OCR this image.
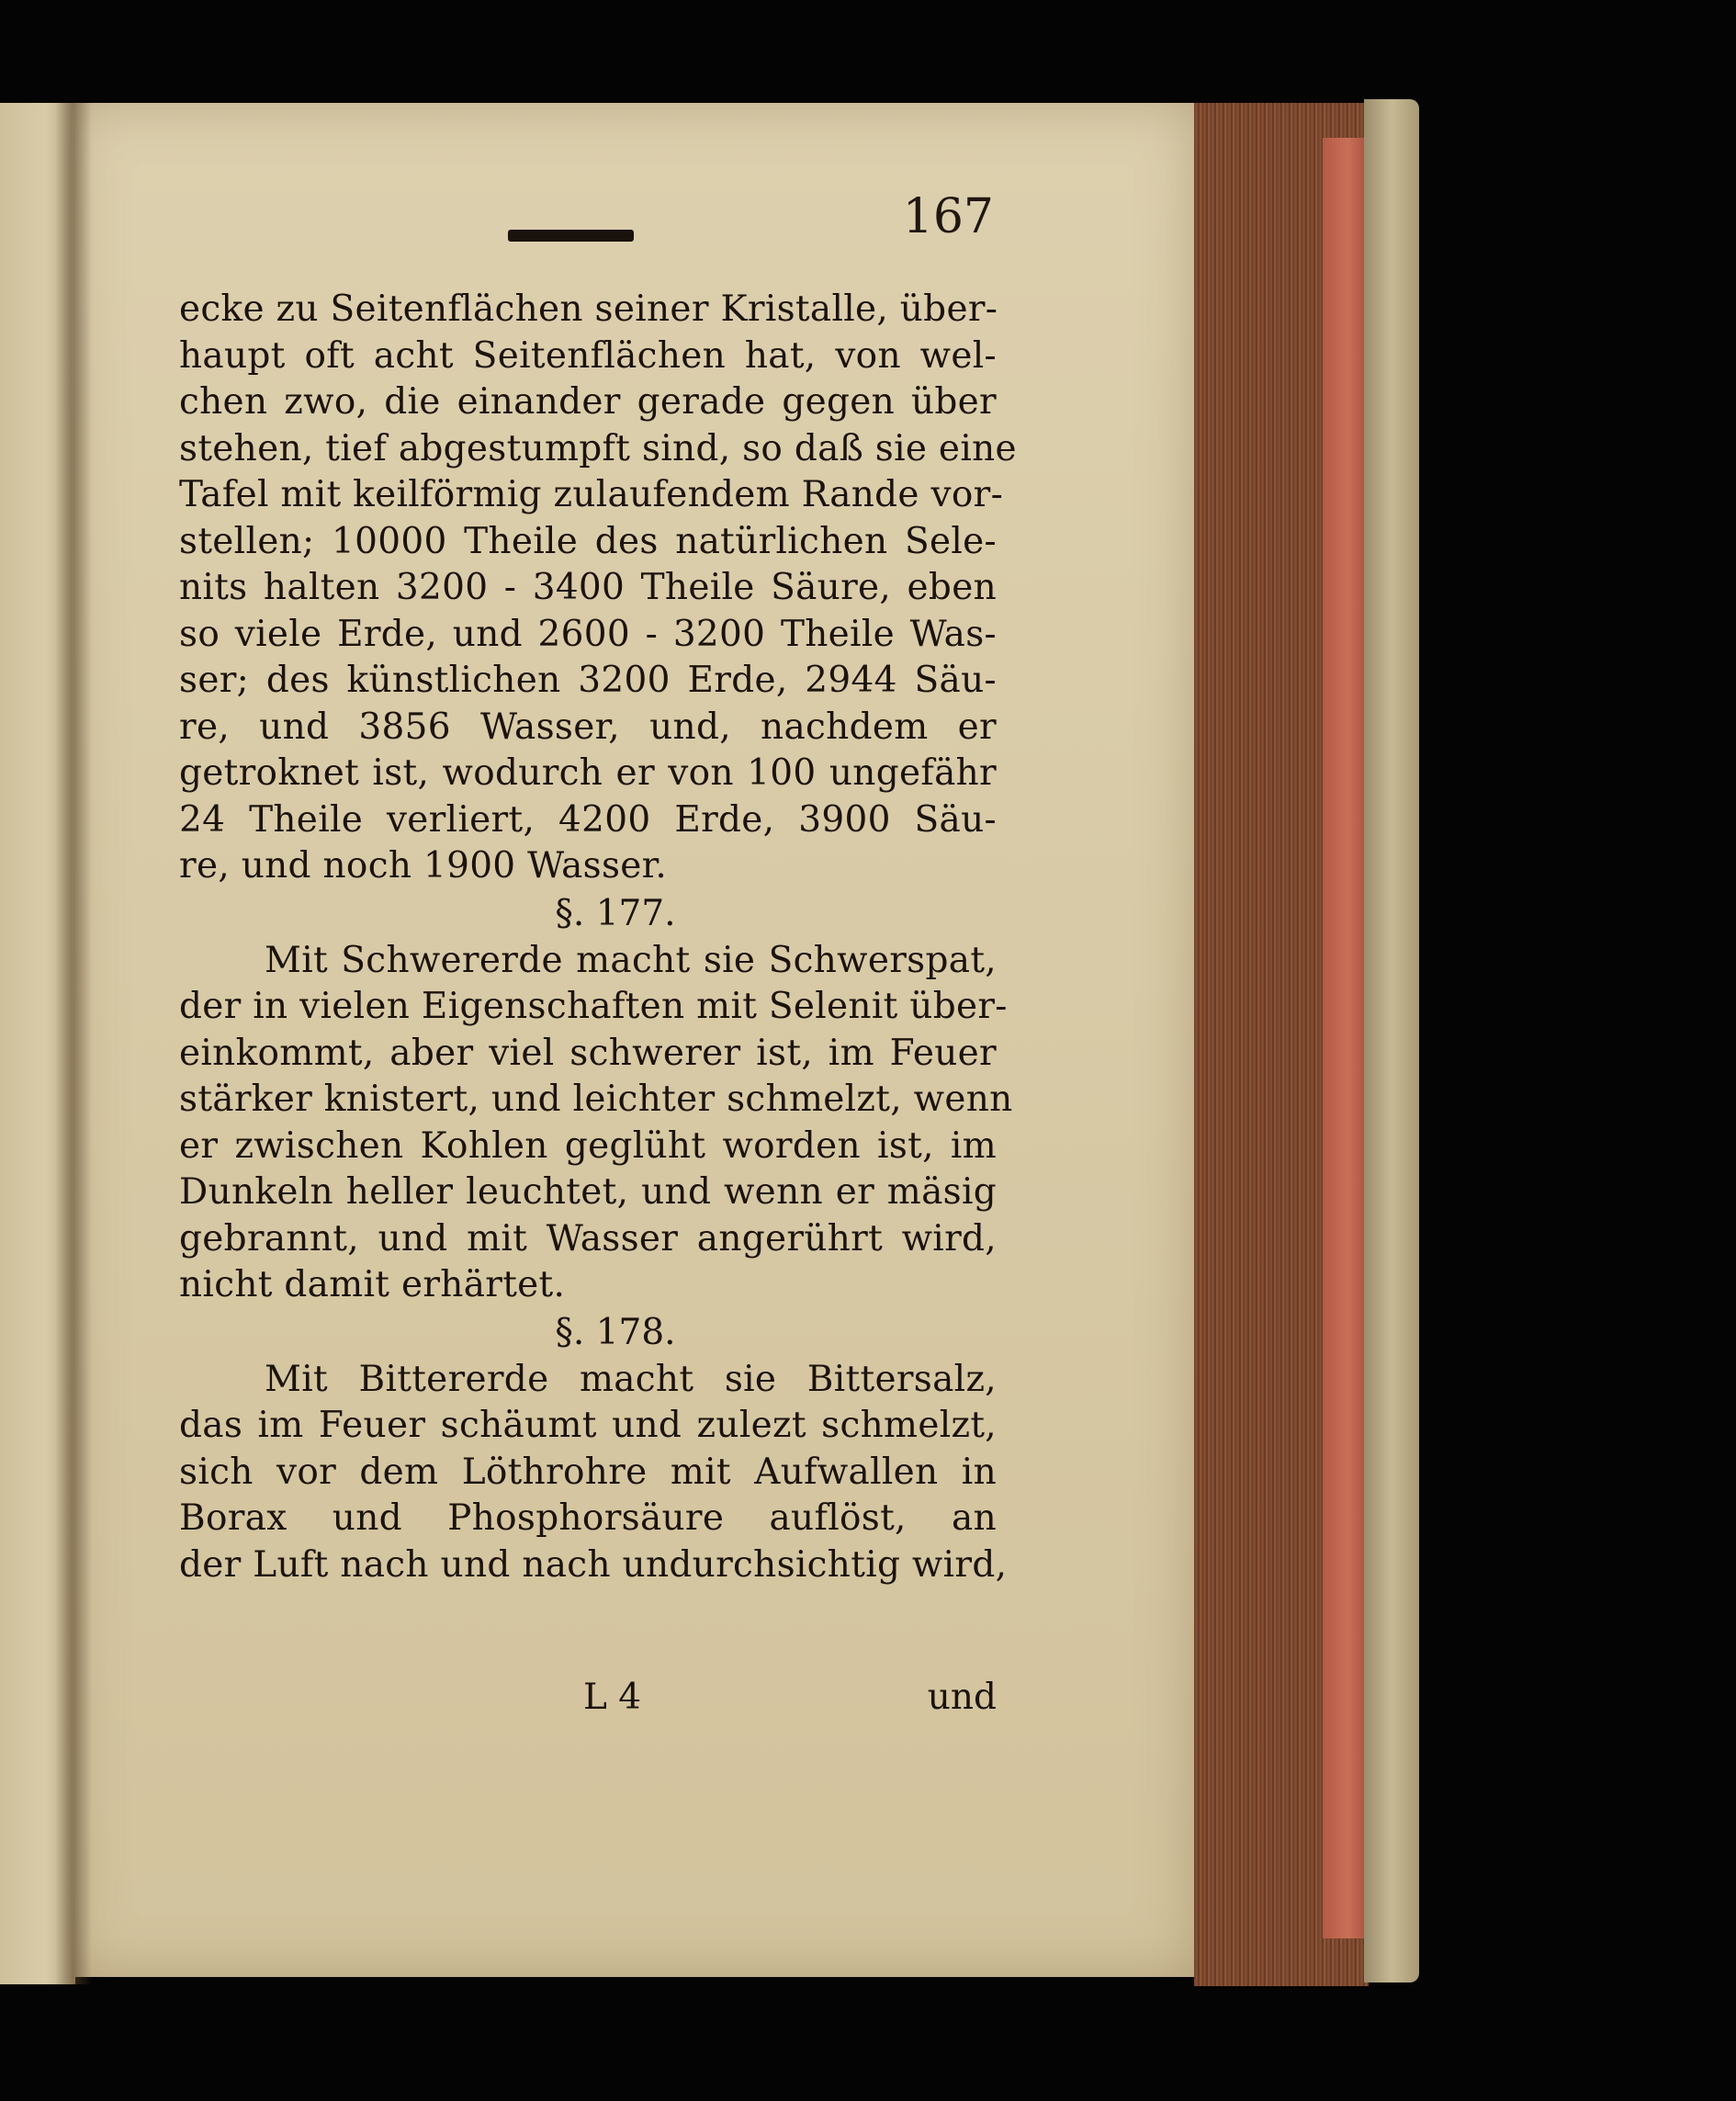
167
ecke zu Seitenflächen seiner Kristalle, über-
haupt oft acht Seitenflächen hat, von wel-
chen zwo, die einander gerade gegen über
stehen, tief abgestumpft sind, so daß sie eine
Tafel mit keilförmig zulaufendem Rande vor-
stellen; 10000 Theile des natürlichen Sele-
nits halten 3200 - 3400 Theile Säure, eben
so viele Erde, und 2600 - 3200 Theile Was-
ser; des künstlichen 3200 Erde, 2944 Säu-
re, und 3856 Wasser, und, nachdem er
getroknet ist, wodurch er von 100 ungefähr
24 Theile verliert, 4200 Erde, 3900 Säu-
re, und noch 1900 Wasser.
§. 177.
Mit Schwererde macht sie Schwerspat,
der in vielen Eigenschaften mit Selenit über-
einkommt, aber viel schwerer ist, im Feuer
stärker knistert, und leichter schmelzt, wenn
er zwischen Kohlen geglüht worden ist, im
Dunkeln heller leuchtet, und wenn er mäsig
gebrannt, und mit Wasser angerührt wird,
nicht damit erhärtet.
§. 178.
Mit Bittererde macht sie Bittersalz,
das im Feuer schäumt und zulezt schmelzt,
sich vor dem Löthrohre mit Aufwallen in
Borax und Phosphorsäure auflöst, an
der Luft nach und nach undurchsichtig wird,
L 4	und
